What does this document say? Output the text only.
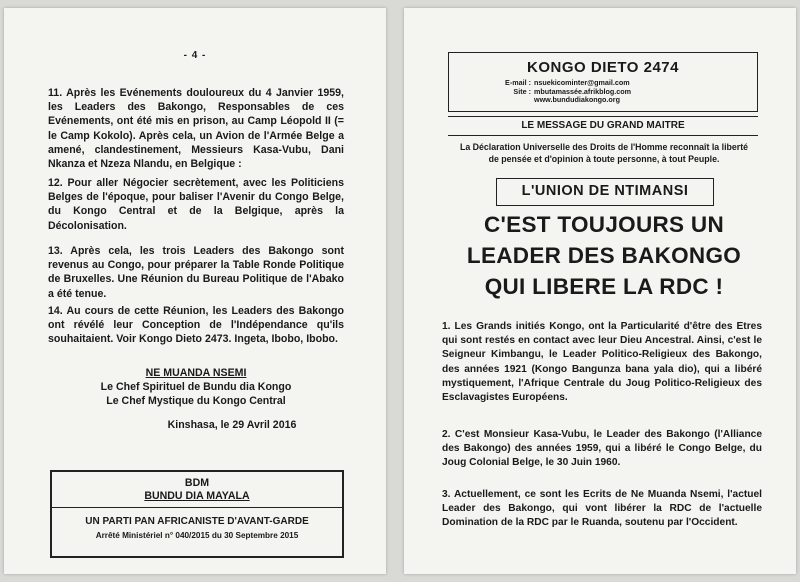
- 4 -

11. Après les Evénements douloureux du 4 Janvier 1959, les Leaders des Bakongo, Responsables de ces Evénements, ont été mis en prison, au Camp Léopold II (= le Camp Kokolo). Après cela, un Avion de l'Armée Belge a amené, clandestinement, Messieurs Kasa-Vubu, Dani Nkanza et Nzeza Nlandu, en Belgique :

12. Pour aller Négocier secrètement, avec les Politiciens Belges de l'époque, pour baliser l'Avenir du Congo Belge, du Kongo Central et de la Belgique, après la Décolonisation.

13. Après cela, les trois Leaders des Bakongo sont revenus au Congo, pour préparer la Table Ronde Politique de Bruxelles. Une Réunion du Bureau Politique de l'Abako a été tenue.

14. Au cours de cette Réunion, les Leaders des Bakongo ont révélé leur Conception de l'Indépendance qu'ils souhaitaient. Voir Kongo Dieto 2473. Ingeta, Ibobo, Ibobo.

NE MUANDA NSEMI
Le Chef Spirituel de Bundu dia Kongo
Le Chef Mystique du Kongo Central
Kinshasa, le 29 Avril 2016
BDM
BUNDU DIA MAYALA
UN PARTI PAN AFRICANISTE D'AVANT-GARDE
Arrêté Ministériel n° 040/2015 du 30 Septembre 2015
KONGO DIETO 2474
E-mail : nsuekicominter@gmail.com
Site : mbutamassée.afrikblog.com
www.bundudiakongo.org
LE MESSAGE DU GRAND MAITRE
La Déclaration Universelle des Droits de l'Homme reconnaît la liberté de pensée et d'opinion à toute personne, à tout Peuple.
L'UNION DE NTIMANSI
C'EST TOUJOURS UN
LEADER DES BAKONGO
QUI LIBERE LA RDC !

1. Les Grands initiés Kongo, ont la Particularité d'être des Etres qui sont restés en contact avec leur Dieu Ancestral. Ainsi, c'est le Seigneur Kimbangu, le Leader Politico-Religieux des Bakongo, des années 1921 (Kongo Bangunza bana yala dio), qui a libéré mystiquement, l'Afrique Centrale du Joug Politico-Religieux des Esclavagistes Européens.

2. C'est Monsieur Kasa-Vubu, le Leader des Bakongo (l'Alliance des Bakongo) des années 1959, qui a libéré le Congo Belge, du Joug Colonial Belge, le 30 Juin 1960.

3. Actuellement, ce sont les Ecrits de Ne Muanda Nsemi, l'actuel Leader des Bakongo, qui vont libérer la RDC de l'actuelle Domination de la RDC par le Ruanda, soutenu par l'Occident.
